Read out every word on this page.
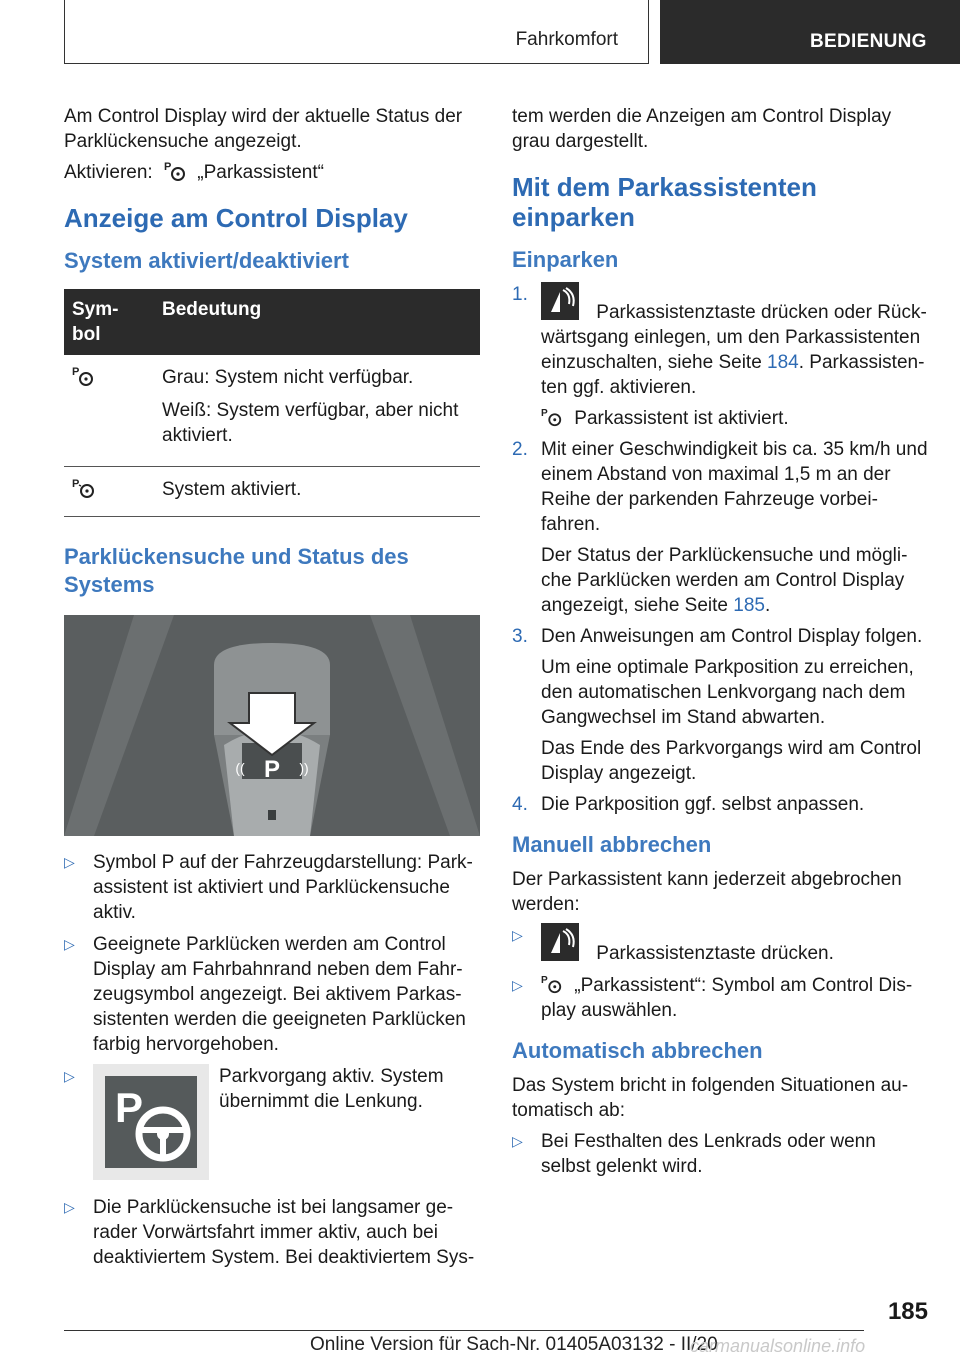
Fahrkomfort	BEDIENUNG

Am Control Display wird der aktuelle Status der Parklückensuche angezeigt.

Aktivieren: P „Parkassistent“

Anzeige am Control Display
System aktiviert/deaktiviert
Sym-bol	Bedeutung

P	Grau: System nicht verfügbar.

Weiß: System verfügbar, aber nicht aktiviert.

P	System aktiviert.
Parklückensuche und Status des Systems
P
((	))
▷ Symbol P auf der Fahrzeugdarstellung: Park-assistent ist aktiviert und Parklückensuche aktiv.
▷ Geeignete Parklücken werden am Control Display am Fahrbahnrand neben dem Fahr-zeugsymbol angezeigt. Bei aktivem Parkas-sistenten werden die geeigneten Parklücken farbig hervorgehoben.
▷
P
Parkvorgang aktiv. System übernimmt die Lenkung.
▷ Die Parklückensuche ist bei langsamer ge-rader Vorwärtsfahrt immer aktiv, auch bei deaktiviertem System. Bei deaktiviertem Sys-

tem werden die Anzeigen am Control Display grau dargestellt.

Mit dem Parkassistenten einparken
Einparken
1.

Parkassistenztaste drücken oder Rück-wärtsgang einlegen, um den Parkassistenten einzuschalten, siehe Seite 184. Parkassisten-ten ggf. aktivieren.

P Parkassistent ist aktiviert.

2. Mit einer Geschwindigkeit bis ca. 35 km/h und einem Abstand von maximal 1,5 m an der Reihe der parkenden Fahrzeuge vorbei-fahren.

Der Status der Parklückensuche und mögli-che Parklücken werden am Control Display angezeigt, siehe Seite 185.

3. Den Anweisungen am Control Display folgen.

Um eine optimale Parkposition zu erreichen, den automatischen Lenkvorgang nach dem Gangwechsel im Stand abwarten.

Das Ende des Parkvorgangs wird am Control Display angezeigt.

4. Die Parkposition ggf. selbst anpassen.

Manuell abbrechen

Der Parkassistent kann jederzeit abgebrochen werden:

▷
Parkassistenztaste drücken.
▷ P „Parkassistent“: Symbol am Control Dis-play auswählen.
Automatisch abbrechen

Das System bricht in folgenden Situationen au-tomatisch ab:

▷ Bei Festhalten des Lenkrads oder wenn selbst gelenkt wird.
185
Online Version für Sach-Nr. 01405A03132 - II/20
carmanualsonline.info
